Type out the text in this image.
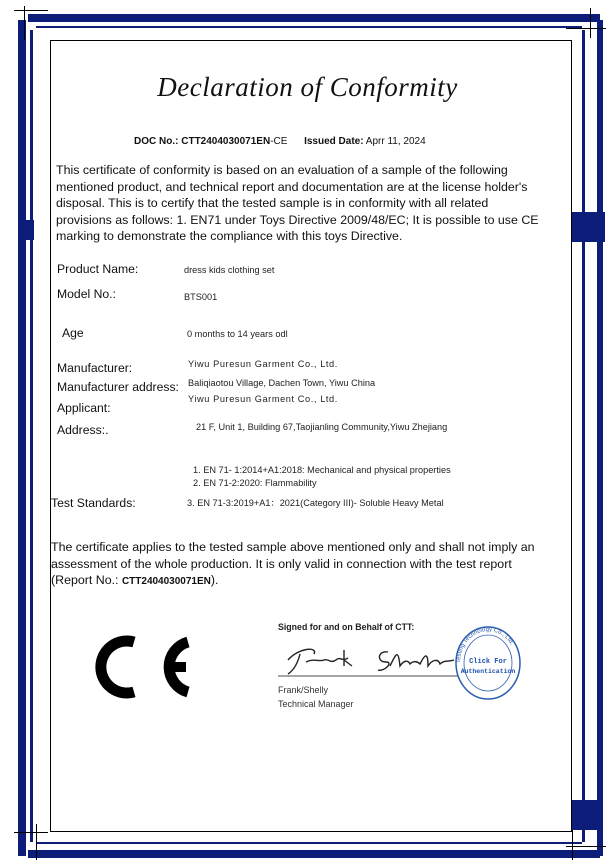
Declaration of Conformity
DOC No.: CTT2404030071EN-CE Issued Date: Aprr 11, 2024
This certificate of conformity is based on an evaluation of a sample of the following
mentioned product, and technical report and documentation are at the license holder's
disposal. This is to certify that the tested sample is in conformity with all related
provisions as follows: 1. EN71 under Toys Directive 2009/48/EC; It is possible to use CE
marking to demonstrate the compliance with this toys Directive.
Product Name:	dress kids clothing set
Model No.:	BTS001
Age	0 months to 14 years odl
Manufacturer:	Yiwu Puresun Garment Co., Ltd.
Manufacturer address: Baliqiaotou Village, Dachen Town, Yiwu China
Applicant:
Yiwu Puresun Garment Co., Ltd.
Address:.	21 F, Unit 1, Building 67,Taojianling Community,Yiwu Zhejiang
1. EN 71- 1:2014+A1:2018: Mechanical and physical properties
2. EN 71-2:2020: Flammability
Test Standards:	3. EN 71-3:2019+A1：2021(Category III)- Soluble Heavy Metal
The certificate applies to the tested sample above mentioned only and shall not imply an
assessment of the whole production. It is only valid in connection with the test report
(Report No.: CTT2404030071EN).
Signed for and on Behalf of CTT:
Frank/Shelly
Technical Manager
Testing Technology Co., Ltd.
Click For
Authentication
